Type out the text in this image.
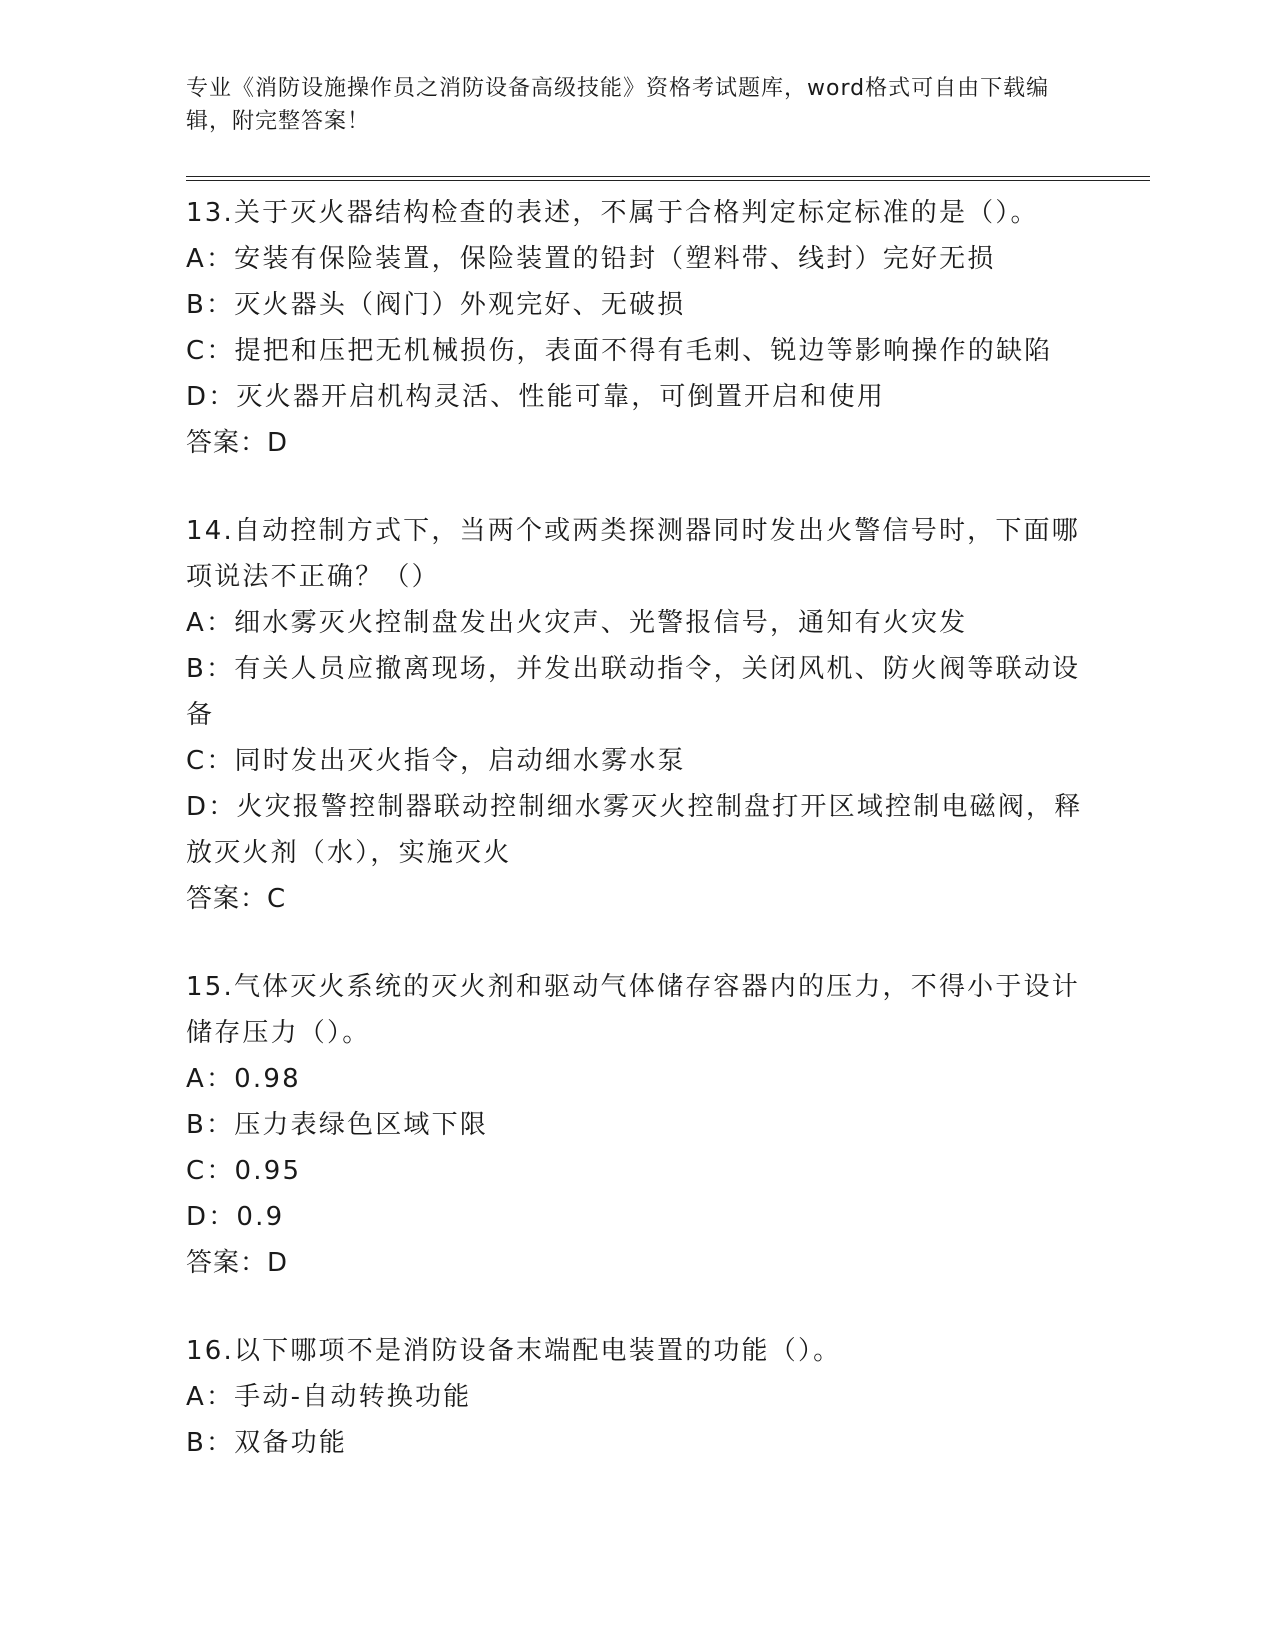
专业《消防设施操作员之消防设备高级技能》资格考试题库，word格式可自由下载编辑，附完整答案！
13.关于灭火器结构检查的表述，不属于合格判定标定标准的是（）。
A：安装有保险装置，保险装置的铅封（塑料带、线封）完好无损
B：灭火器头（阀门）外观完好、无破损
C：提把和压把无机械损伤，表面不得有毛刺、锐边等影响操作的缺陷
D：灭火器开启机构灵活、性能可靠，可倒置开启和使用
答案：D
14.自动控制方式下，当两个或两类探测器同时发出火警信号时，下面哪项说法不正确？（）
A：细水雾灭火控制盘发出火灾声、光警报信号，通知有火灾发
B：有关人员应撤离现场，并发出联动指令，关闭风机、防火阀等联动设备
C：同时发出灭火指令，启动细水雾水泵
D：火灾报警控制器联动控制细水雾灭火控制盘打开区域控制电磁阀，释放灭火剂（水），实施灭火
答案：C
15.气体灭火系统的灭火剂和驱动气体储存容器内的压力，不得小于设计储存压力（）。
A：0.98
B：压力表绿色区域下限
C：0.95
D：0.9
答案：D
16.以下哪项不是消防设备末端配电装置的功能（）。
A：手动-自动转换功能
B：双备功能
